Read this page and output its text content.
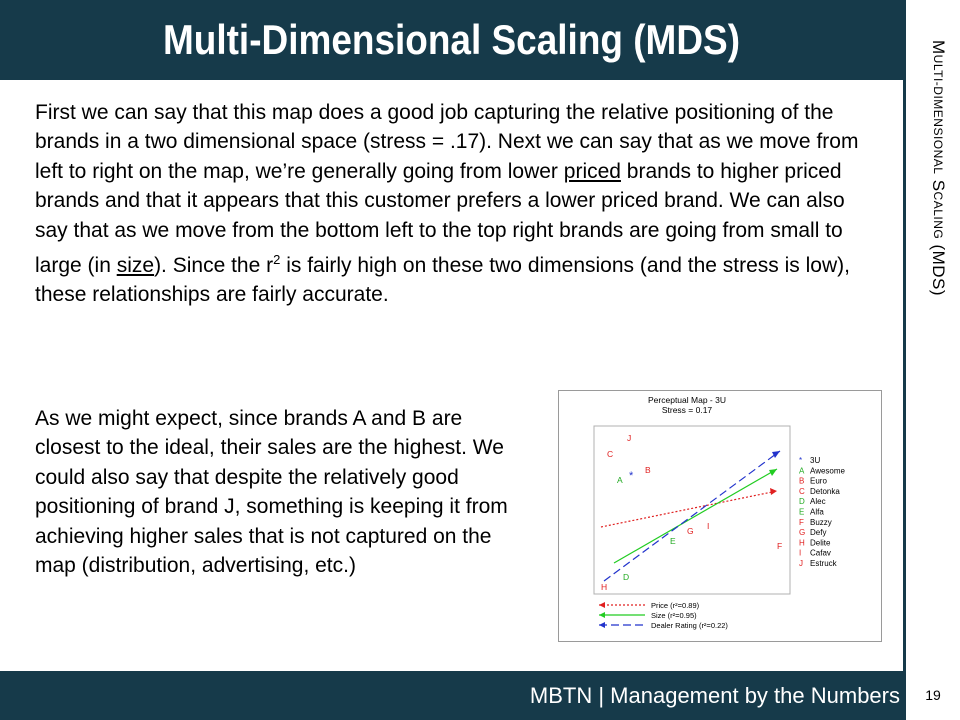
Multi-Dimensional Scaling (MDS)	MULTI-DIMENSIONAL SCALING (MDS)
MBTN | Management by the Numbers	19
First we can say that this map does a good job capturing the relative positioning of the brands in a two dimensional space (stress = .17). Next we can say that as we move from left to right on the map, we’re generally going from lower priced brands to higher priced brands and that it appears that this customer prefers a lower priced brand. We can also say that as we move from the bottom left to the top right brands are going from small to large (in size). Since the $r^2$ is fairly high on these two dimensions (and the stress is low), these relationships are fairly accurate.
As we might expect, since brands A and B are closest to the ideal, their sales are the highest. We could also say that despite the relatively good positioning of brand J, something is keeping it from achieving higher sales that is not captured on the map (distribution, advertising, etc.)
Perceptual Map - 3U
Stress = 0.17
*
J
C
B
A
G I
E	F
D
H
* 3U
A Awesome
B Euro
C Detonka
D Alec
E Alfa
F Buzzy
G Defy
H Delite
I Cafav
J Estruck
Price (r²=0.89)
Size (r²=0.95)
Dealer Rating (r²=0.22)
